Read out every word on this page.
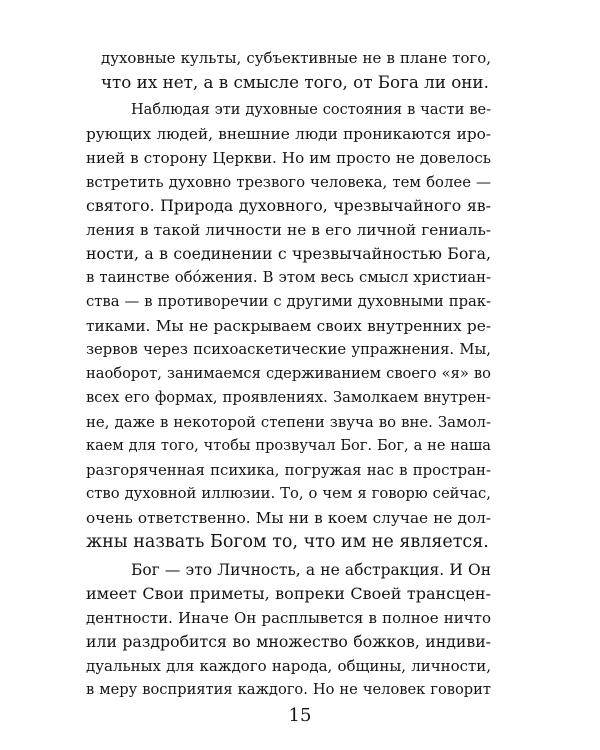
духовные культы, субъективные не в плане того,
что их нет, а в смысле того, от Бога ли они.
Наблюдая эти духовные состояния в части ве-
рующих людей, внешние люди проникаются иро-
нией в сторону Церкви. Но им просто не довелось
встретить духовно трезвого человека, тем более —
святого. Природа духовного, чрезвычайного яв-
ления в такой личности не в его личной гениаль-
ности, а в соединении с чрезвычайностью Бога,
в таинстве обóжения. В этом весь смысл христиан-
ства — в противоречии с другими духовными прак-
тиками. Мы не раскрываем своих внутренних ре-
зервов через психоаскетические упражнения. Мы,
наоборот, занимаемся сдерживанием своего «я» во
всех его формах, проявлениях. Замолкаем внутрен-
не, даже в некоторой степени звуча во вне. Замол-
каем для того, чтобы прозвучал Бог. Бог, а не наша
разгоряченная психика, погружая нас в простран-
ство духовной иллюзии. То, о чем я говорю сейчас,
очень ответственно. Мы ни в коем случае не дол-
жны назвать Богом то, что им не является.
Бог — это Личность, а не абстракция. И Он
имеет Свои приметы, вопреки Своей трансцен-
дентности. Иначе Он расплывется в полное ничто
или раздробится во множество божков, индиви-
дуальных для каждого народа, общины, личности,
в меру восприятия каждого. Но не человек говорит
15
